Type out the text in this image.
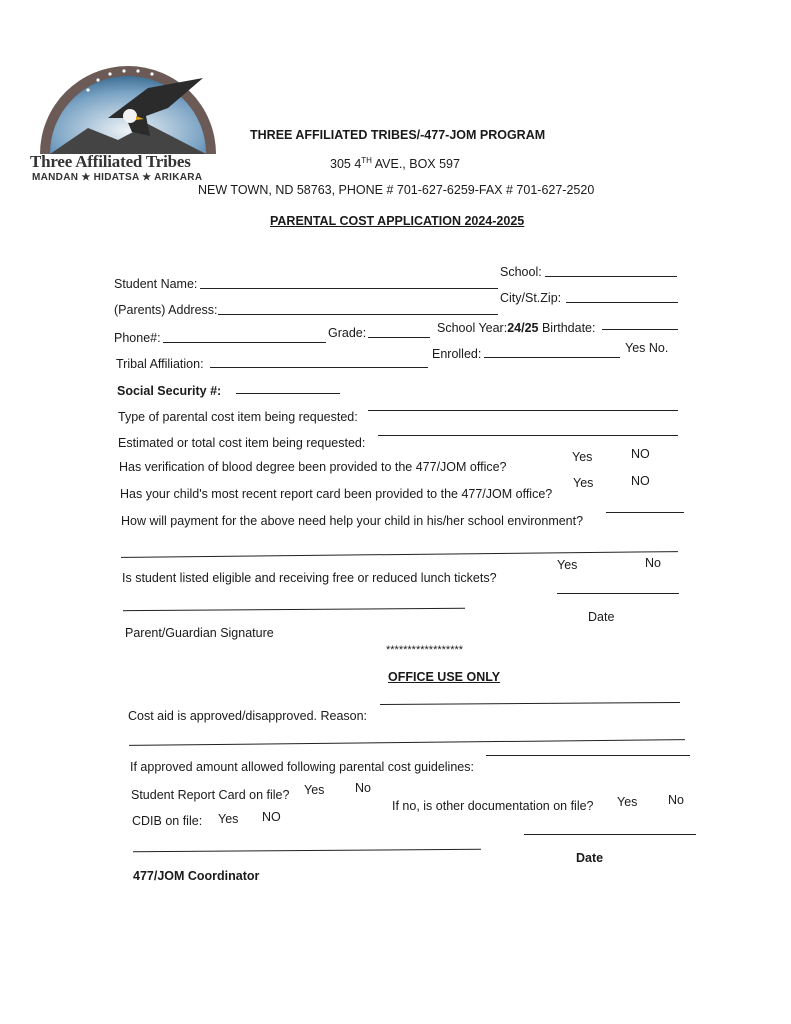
Three Affiliated Tribes
MANDAN ★ HIDATSA ★ ARIKARA
THREE AFFILIATED TRIBES/-477-JOM PROGRAM
305 4TH AVE., BOX 597
NEW TOWN, ND 58763, PHONE # 701-627-6259-FAX # 701-627-2520
PARENTAL COST APPLICATION 2024-2025
Student Name:
School:
(Parents) Address:
City/St.Zip:
Phone#:	Grade:	School Year:24/25 Birthdate:
Tribal Affiliation:
Enrolled:	Yes No.
Social Security #:
Type of parental cost item being requested:
Estimated or total cost item being requested:
Has verification of blood degree been provided to the 477/JOM office?
Yes	NO
Has your child's most recent report card been provided to the 477/JOM office?
Yes	NO
How will payment for the above need help your child in his/her school environment?
Is student listed eligible and receiving free or reduced lunch tickets?
Yes	No
Date
Parent/Guardian Signature
******************
OFFICE USE ONLY
Cost aid is approved/disapproved. Reason:
If approved amount allowed following parental cost guidelines:
Student Report Card on file? Yes No
If no, is other documentation on file? Yes No
CDIB on file: Yes NO
Date
477/JOM Coordinator
